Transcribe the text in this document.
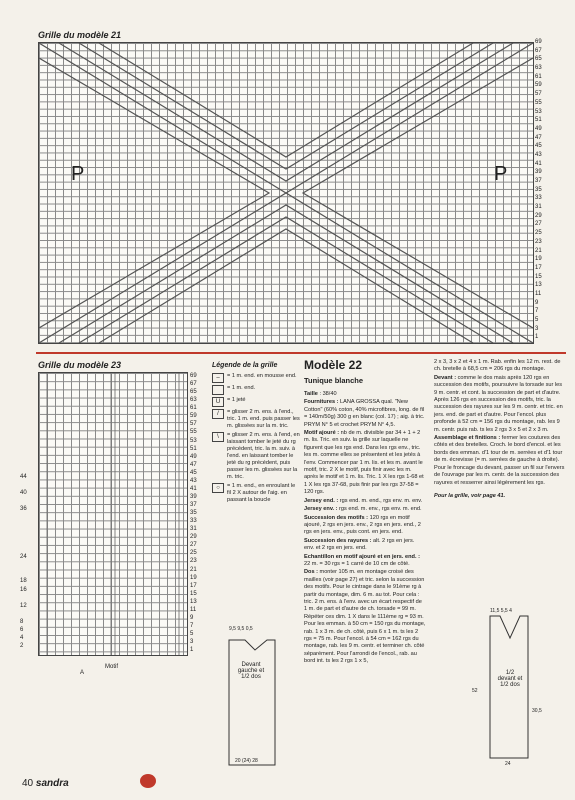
Grille du modèle 21
P	P
69
67
65
63
61
59
57
55
53
51
49
47
45
43
41
39
37
35
33
31
29
27
25
23
21
19
17
15
13
11
9
7
5
3
1
Grille du modèle 23
44
40
36
24
18
16
12
8
6
4
2
69
67
65
63
61
59
57
55
53
51
49
47
45
43
41
39
37
35
33
31
29
27
25
23
21
19
17
15
13
11
9
7
5
3
1
Motif
A
Légende de la grille
–	= 1 m. end. en mousse end.
= 1 m. end.
U	= 1 jeté
/	= glisser 2 m. ens. à l'end., tric. 1 m. end. puis passer les m. glissées sur la m. tric.
\	= glisser 2 m. ens. à l'end, en laissant tomber le jeté du rg précédent, tric. la m. suiv. à l'end. en laissant tomber le jeté du rg précédent, puis passer les m. glissées sur la m. tric.
○	= 1 m. end., en enroulant le fil 2 X autour de l'aig. en passant la boucle
9,5 9,5 0,5
Devant gauche et 1/2 dos
20 (24) 28
Modèle 22
Tunique blanche
Taille : 38/40
Fournitures : LANA GROSSA qual. "New Cotton" (60% coton, 40% microfibres, long. de fil = 140m/50g) 300 g en blanc (col. 17) ; aig. à tric. PRYM N° 5 et crochet PRYM N° 4,5.
Motif ajouré : nb de m. divisible par 34 + 1 + 2 m. lis. Tric. en suiv. la grille sur laquelle ne figurent que les rgs end. Dans les rgs env., tric. les m. comme elles se présentent et les jetés à l'env. Commencer par 1 m. lis. et les m. avant le motif, tric. 2 X le motif, puis finir avec les m. après le motif et 1 m. lis. Tric. 1 X les rgs 1-68 et 1 X les rgs 37-68, puis finir par les rgs 37-58 = 120 rgs.
Jersey end. : rgs end. m. end., rgs env. m. env.
Jersey env. : rgs end. m. env., rgs env. m. end.
Succession des motifs : 120 rgs en motif ajouré, 2 rgs en jers. env., 2 rgs en jers. end., 2 rgs en jers. env., puis cont. en jers. end.
Succession des rayures : alt. 2 rgs en jers. env. et 2 rgs en jers. end.
Echantillon en motif ajouré et en jers. end. : 22 m. = 30 rgs = 1 carré de 10 cm de côté.
Dos : monter 105 m. en montage croisé des mailles (voir page 27) et tric. selon la succession des motifs. Pour le cintrage dans le 91ème rg à partir du montage, dim. 6 m. au tot. Pour cela : tric. 2 m. ens. à l'env. avec un écart respectif de 1 m. de part et d'autre de ch. torsade = 99 m. Répéter ces dim. 1 X dans le 111ème rg = 93 m. Pour les emman. à 50 cm = 150 rgs du montage, rab. 1 x 3 m. de ch. côté, puis 6 x 1 m. ts les 2 rgs = 75 m. Pour l'encol. à 54 cm = 162 rgs du montage, rab. les 9 m. centr. et terminer ch. côté séparément. Pour l'arrondi de l'encol., rab. au bord int. ts les 2 rgs 1 x 5,
2 x 3, 3 x 2 et 4 x 1 m. Rab. enfin les 12 m. rest. de ch. bretelle à 68,5 cm = 206 rgs du montage.
Devant : comme le dos mais après 120 rgs en succession des motifs, poursuivre la torsade sur les 9 m. centr. et cont. la succession de part et d'autre. Après 126 rgs en succession des motifs, tric. la succession des rayures sur les 9 m. centr. et tric. en jers. end. de part et d'autre. Pour l'encol. plus profonde à 52 cm = 156 rgs du montage, rab. les 9 m. centr. puis rab. ts les 2 rgs 3 x 5 et 2 x 3 m.
Assemblage et finitions : fermer les coutures des côtés et des bretelles. Croch. le bord d'encol. et les bords des emman. d'1 tour de m. serrées et d'1 tour de m. écrevisse (= m. serrées de gauche à droite). Pour le froncage du devant, passer un fil sur l'envers de l'ouvrage par les m. centr. de la succession des rayures et resserrer ainsi légèrement les rgs.
Pour la grille, voir page 41.
11,5 5,5 4
1/2 devant et 1/2 dos
52
30,5
24
40 sandra
